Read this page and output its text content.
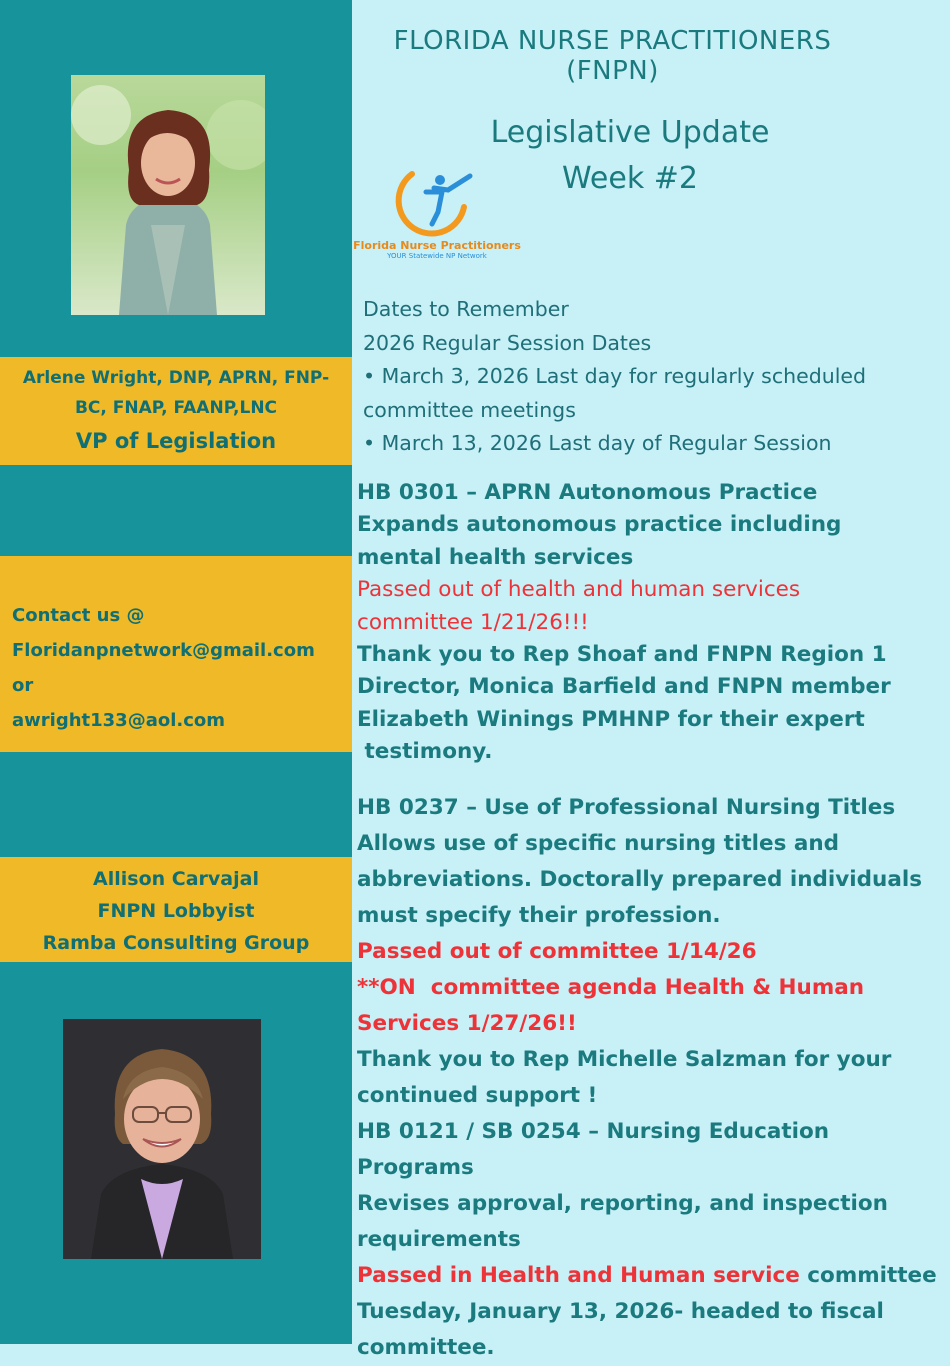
Arlene Wright, DNP, APRN, FNP-
BC, FNAP, FAANP,LNC
VP of Legislation
Contact us @
Floridanpnetwork@gmail.com
or
awright133@aol.com
Allison Carvajal
FNPN Lobbyist
Ramba Consulting Group
FLORIDA NURSE PRACTITIONERS
(FNPN)
Legislative Update
Week #2
Florida Nurse Practitioners
YOUR Statewide NP Network
Dates to Remember
2026 Regular Session Dates
• March 3, 2026 Last day for regularly scheduled
committee meetings
• March 13, 2026 Last day of Regular Session
HB 0301 – APRN Autonomous Practice
Expands autonomous practice including
mental health services
Passed out of health and human services
committee 1/21/26!!!
Thank you to Rep Shoaf and FNPN Region 1
Director, Monica Barfield and FNPN member
Elizabeth Winings PMHNP for their expert
testimony.
HB 0237 – Use of Professional Nursing Titles
Allows use of specific nursing titles and
abbreviations. Doctorally prepared individuals
must specify their profession.
Passed out of committee 1/14/26
**ON  committee agenda Health & Human
Services 1/27/26!!
Thank you to Rep Michelle Salzman for your
continued support !
HB 0121 / SB 0254 – Nursing Education Programs
Revises approval, reporting, and inspection
requirements
Passed in Health and Human service committee
Tuesday, January 13, 2026- headed to fiscal
committee.
